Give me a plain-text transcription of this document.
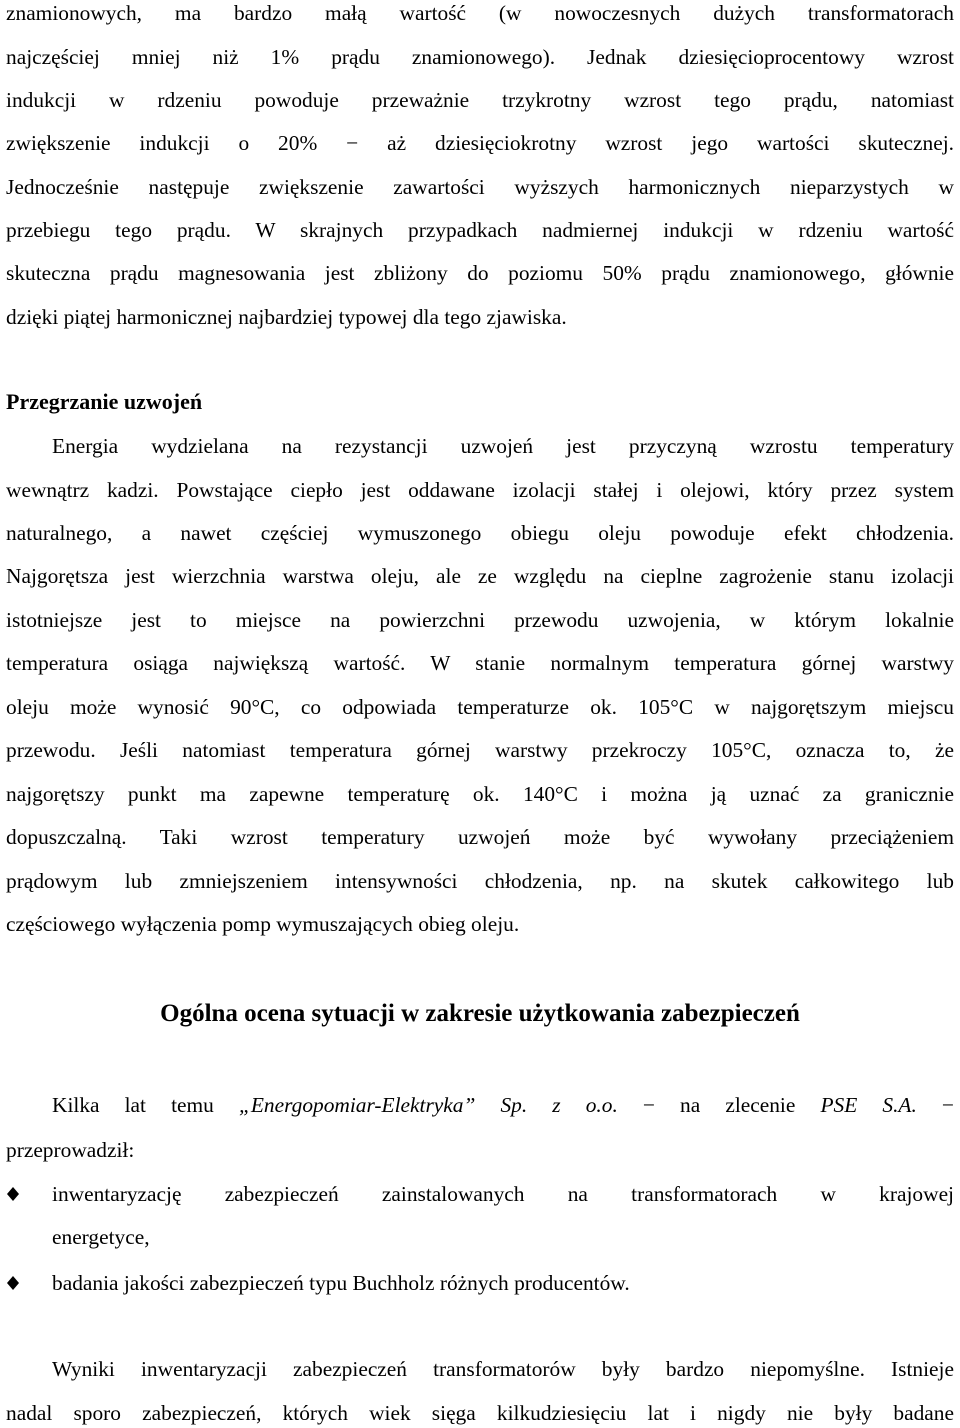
znamionowych, ma bardzo małą wartość (w nowoczesnych dużych transformatorach
najczęściej mniej niż 1% prądu znamionowego). Jednak dziesięcioprocentowy wzrost
indukcji w rdzeniu powoduje przeważnie trzykrotny wzrost tego prądu, natomiast
zwiększenie indukcji o 20% − aż dziesięciokrotny wzrost jego wartości skutecznej.
Jednocześnie następuje zwiększenie zawartości wyższych harmonicznych nieparzystych w
przebiegu tego prądu. W skrajnych przypadkach nadmiernej indukcji w rdzeniu wartość
skuteczna prądu magnesowania jest zbliżony do poziomu 50% prądu znamionowego, głównie
dzięki piątej harmonicznej najbardziej typowej dla tego zjawiska.
Przegrzanie uzwojeń
Energia wydzielana na rezystancji uzwojeń jest przyczyną wzrostu temperatury
wewnątrz kadzi. Powstające ciepło jest oddawane izolacji stałej i olejowi, który przez system
naturalnego, a nawet częściej wymuszonego obiegu oleju powoduje efekt chłodzenia.
Najgorętsza jest wierzchnia warstwa oleju, ale ze względu na cieplne zagrożenie stanu izolacji
istotniejsze jest to miejsce na powierzchni przewodu uzwojenia, w którym lokalnie
temperatura osiąga największą wartość. W stanie normalnym temperatura górnej warstwy
oleju może wynosić 90°C, co odpowiada temperaturze ok. 105°C w najgorętszym miejscu
przewodu. Jeśli natomiast temperatura górnej warstwy przekroczy 105°C, oznacza to, że
najgorętszy punkt ma zapewne temperaturę ok. 140°C i można ją uznać za granicznie
dopuszczalną. Taki wzrost temperatury uzwojeń może być wywołany przeciążeniem
prądowym lub zmniejszeniem intensywności chłodzenia, np. na skutek całkowitego lub
częściowego wyłączenia pomp wymuszających obieg oleju.
Ogólna ocena sytuacji w zakresie użytkowania zabezpieczeń
Kilka lat temu „Energopomiar-Elektryka” Sp. z o.o. − na zlecenie PSE S.A. −
przeprowadził:
inwentaryzację zabezpieczeń zainstalowanych na transformatorach w krajowej
energetyce,
badania jakości zabezpieczeń typu Buchholz różnych producentów.
Wyniki inwentaryzacji zabezpieczeń transformatorów były bardzo niepomyślne. Istnieje
nadal sporo zabezpieczeń, których wiek sięga kilkudziesięciu lat i nigdy nie były badane
